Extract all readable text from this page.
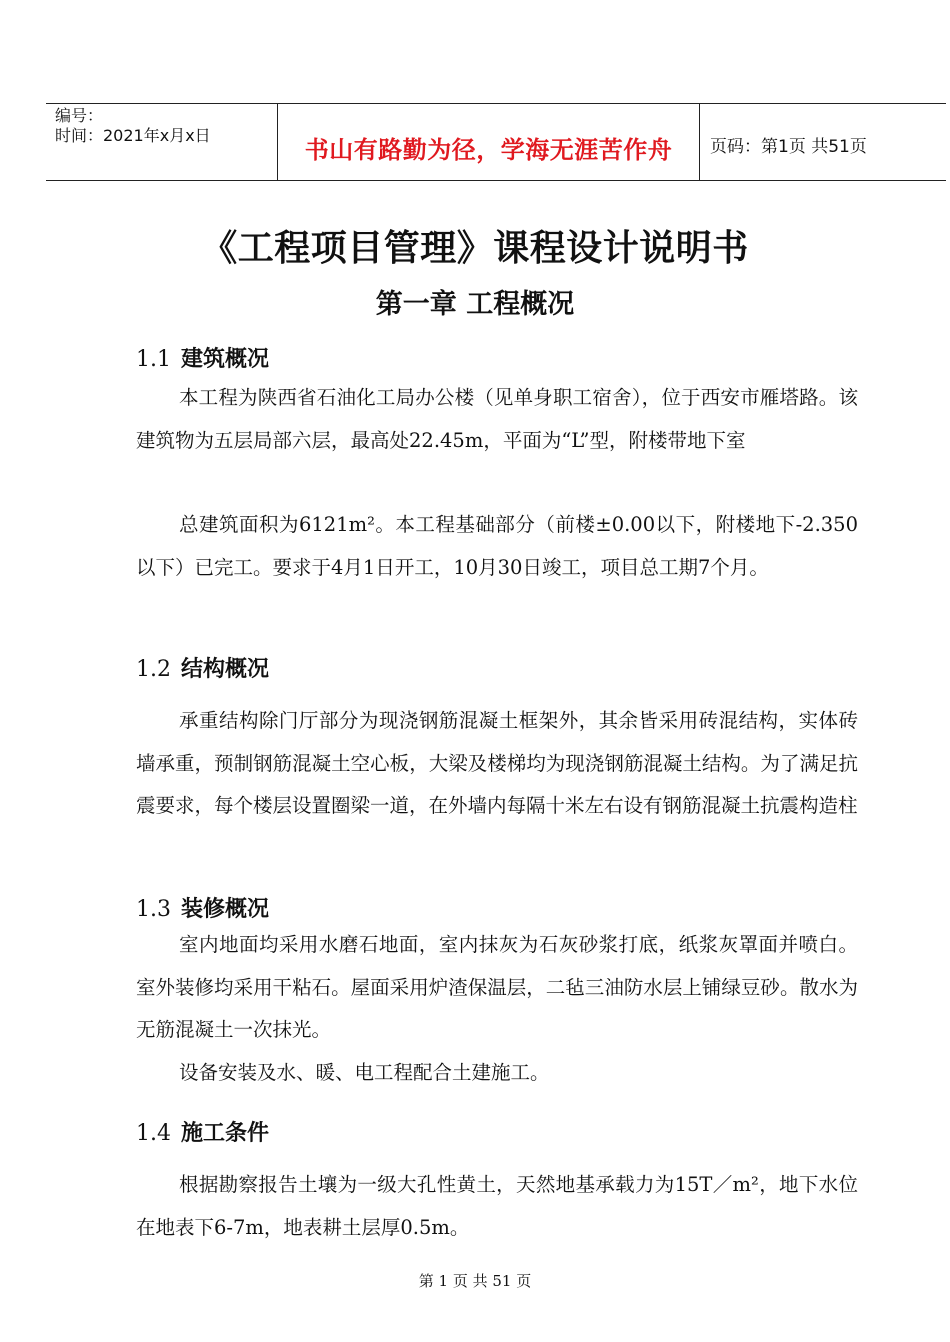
编号：
时间：2021年x月x日	书山有路勤为径，学海无涯苦作舟	页码：第1页 共51页
《工程项目管理》课程设计说明书
第一章 工程概况
1.1 建筑概况
本工程为陕西省石油化工局办公楼（见单身职工宿舍），位于西安市雁塔路。该建筑物为五层局部六层，最高处22.45m，平面为“L”型，附楼带地下室
总建筑面积为6121m²。本工程基础部分（前楼±0.00以下，附楼地下-2.350以下）已完工。要求于4月1日开工，10月30日竣工，项目总工期7个月。
1.2 结构概况
承重结构除门厅部分为现浇钢筋混凝土框架外，其余皆采用砖混结构，实体砖墙承重，预制钢筋混凝土空心板，大梁及楼梯均为现浇钢筋混凝土结构。为了满足抗震要求，每个楼层设置圈梁一道，在外墙内每隔十米左右设有钢筋混凝土抗震构造柱
1.3 装修概况
室内地面均采用水磨石地面，室内抹灰为石灰砂浆打底，纸浆灰罩面并喷白。室外装修均采用干粘石。屋面采用炉渣保温层，二毡三油防水层上铺绿豆砂。散水为无筋混凝土一次抹光。
设备安装及水、暖、电工程配合土建施工。
1.4 施工条件
根据勘察报告土壤为一级大孔性黄土，天然地基承载力为15T／m²，地下水位在地表下6-7m，地表耕土层厚0.5m。
第 1 页 共 51 页
